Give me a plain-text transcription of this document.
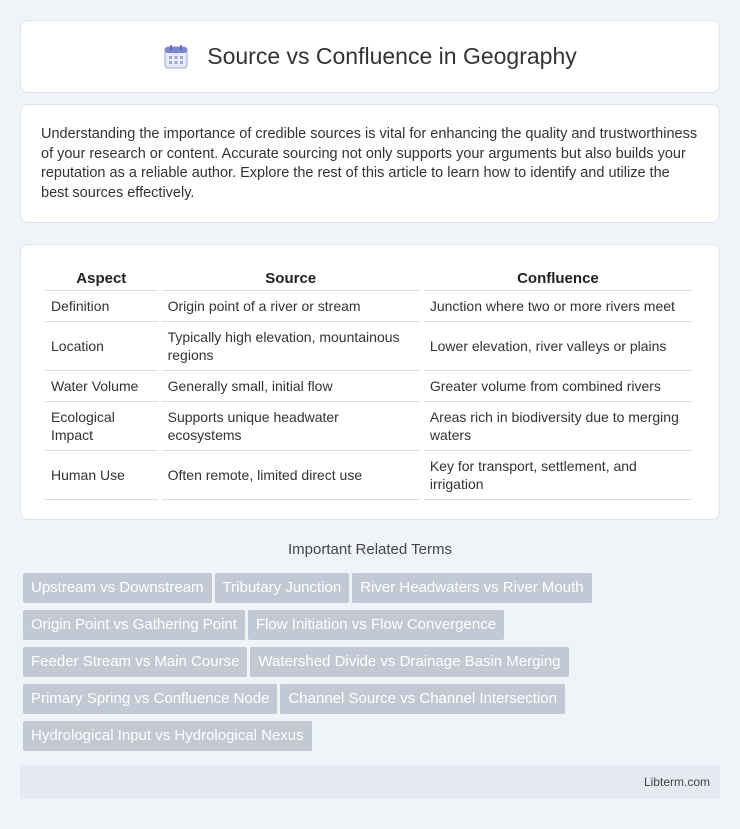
Source vs Confluence in Geography

Understanding the importance of credible sources is vital for enhancing the quality and trustworthiness of your research or content. Accurate sourcing not only supports your arguments but also builds your reputation as a reliable author. Explore the rest of this article to learn how to identify and utilize the best sources effectively.

Aspect	Source	Confluence
Definition	Origin point of a river or stream	Junction where two or more rivers meet
Location	Typically high elevation, mountainous regions	Lower elevation, river valleys or plains
Water Volume	Generally small, initial flow	Greater volume from combined rivers
Ecological Impact	Supports unique headwater ecosystems	Areas rich in biodiversity due to merging waters
Human Use	Often remote, limited direct use	Key for transport, settlement, and irrigation
Important Related Terms
Upstream vs Downstream Tributary Junction River Headwaters vs River Mouth
Origin Point vs Gathering Point Flow Initiation vs Flow Convergence
Feeder Stream vs Main Course Watershed Divide vs Drainage Basin Merging
Primary Spring vs Confluence Node Channel Source vs Channel Intersection
Hydrological Input vs Hydrological Nexus
Libterm.com
